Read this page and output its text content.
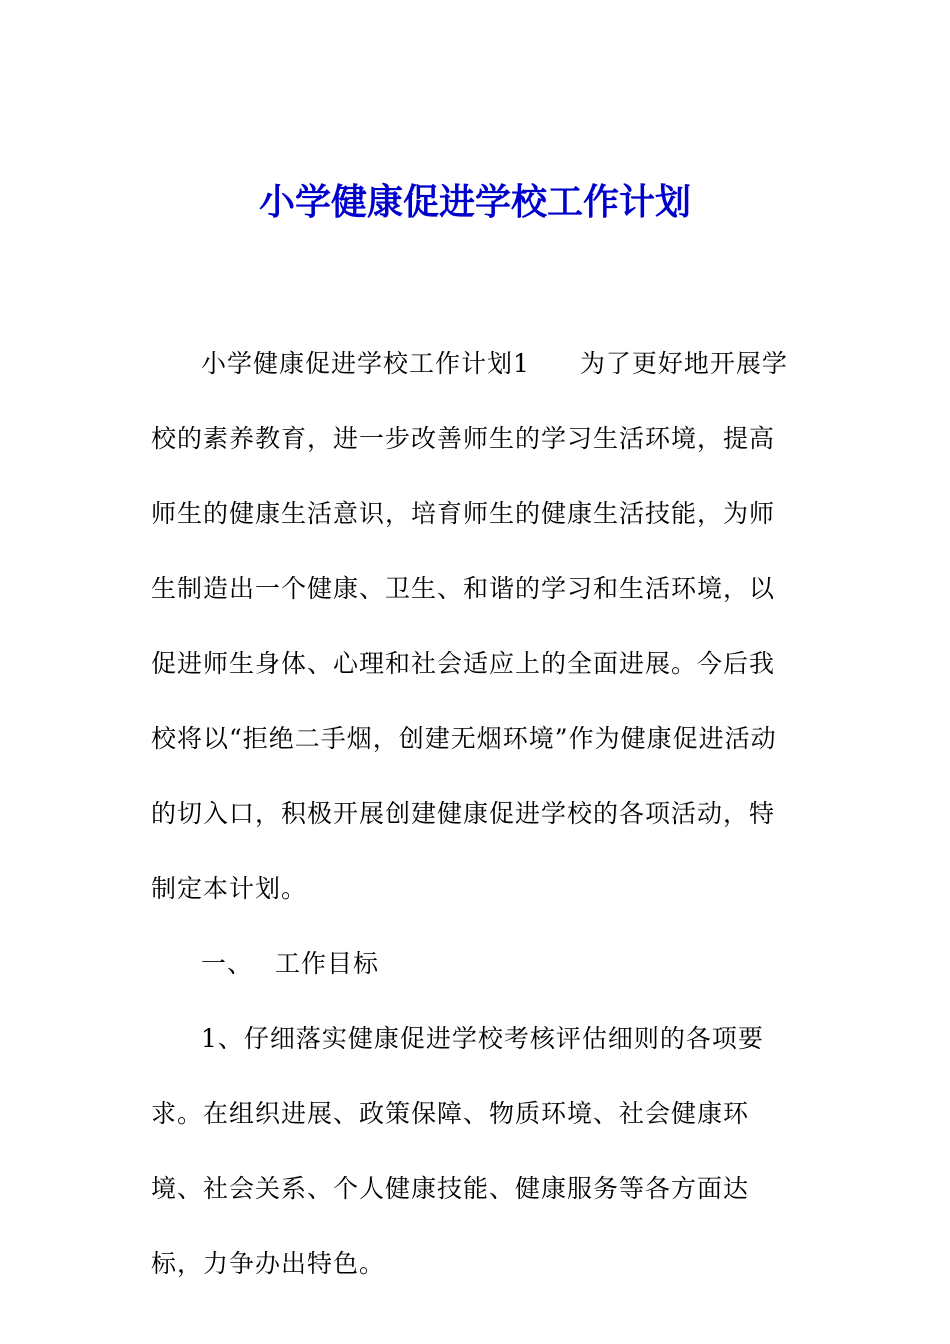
小学健康促进学校工作计划

小学健康促进学校工作计划1 为了更好地开展学校的素养教育，进一步改善师生的学习生活环境，提高师生的健康生活意识，培育师生的健康生活技能，为师生制造出一个健康、卫生、和谐的学习和生活环境，以促进师生身体、心理和社会适应上的全面进展。今后我校将以“拒绝二手烟，创建无烟环境”作为健康促进活动的切入口，积极开展创建健康促进学校的各项活动，特制定本计划。

一、 工作目标

1、仔细落实健康促进学校考核评估细则的各项要求。在组织进展、政策保障、物质环境、社会健康环境、社会关系、个人健康技能、健康服务等各方面达标，力争办出特色。
